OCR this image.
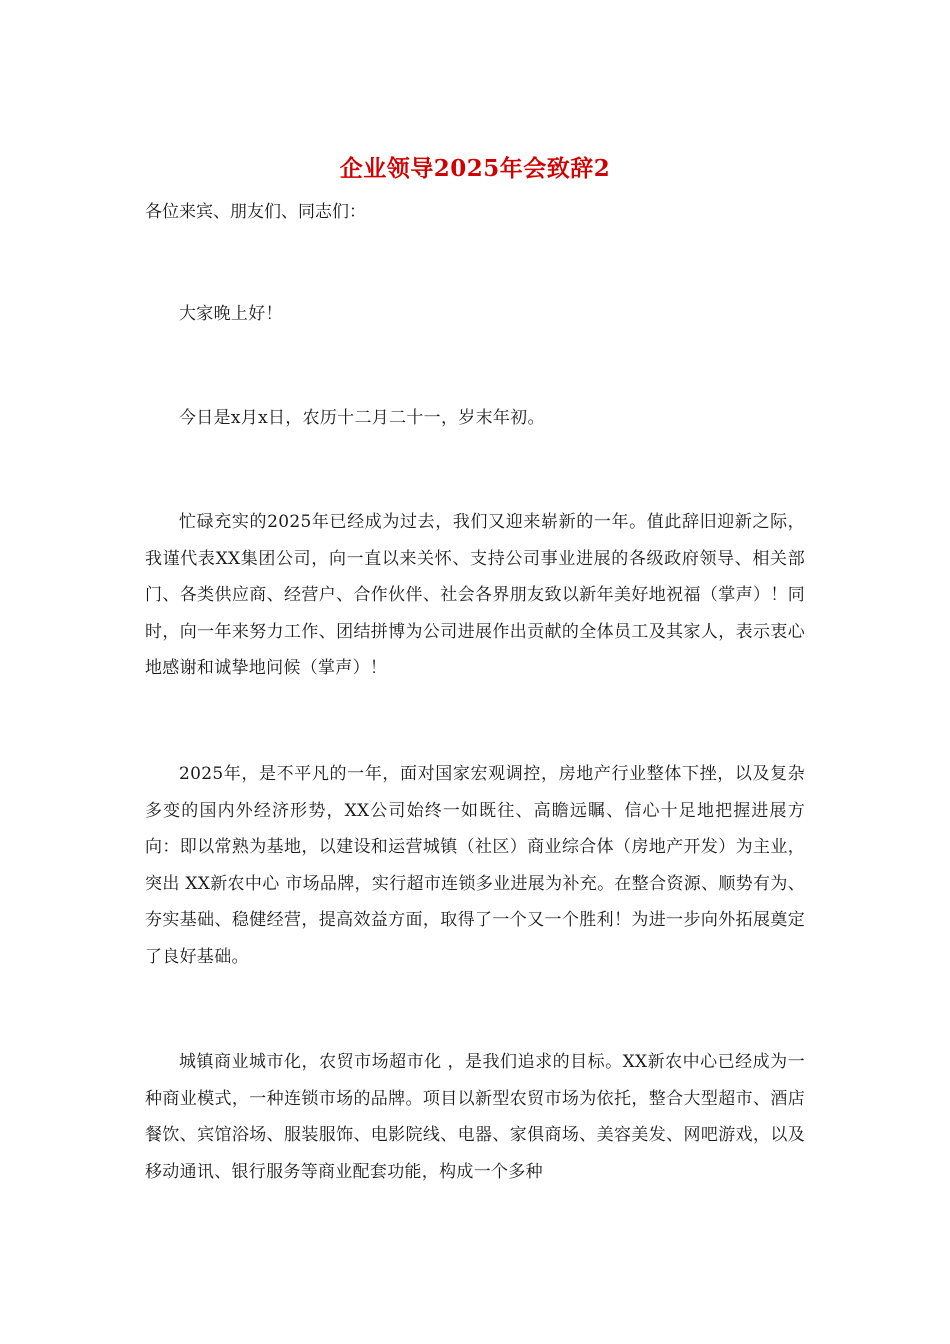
企业领导2025年会致辞2
各位来宾、朋友们、同志们：

大家晚上好！

今日是x月x日，农历十二月二十一，岁末年初。

忙碌充实的2025年已经成为过去，我们又迎来崭新的一年。值此辞旧迎新之际，我谨代表XX集团公司，向一直以来关怀、支持公司事业进展的各级政府领导、相关部门、各类供应商、经营户、合作伙伴、社会各界朋友致以新年美好地祝福（掌声）！同时，向一年来努力工作、团结拼博为公司进展作出贡献的全体员工及其家人，表示衷心地感谢和诚挚地问候（掌声）！

2025年，是不平凡的一年，面对国家宏观调控，房地产行业整体下挫，以及复杂多变的国内外经济形势，XX公司始终一如既往、高瞻远瞩、信心十足地把握进展方向：即以常熟为基地，以建设和运营城镇（社区）商业综合体（房地产开发）为主业，突出 XX新农中心 市场品牌，实行超市连锁多业进展为补充。在整合资源、顺势有为、夯实基础、稳健经营，提高效益方面，取得了一个又一个胜利！为进一步向外拓展奠定了良好基础。

城镇商业城市化，农贸市场超市化 ，是我们追求的目标。XX新农中心已经成为一种商业模式，一种连锁市场的品牌。项目以新型农贸市场为依托，整合大型超市、酒店餐饮、宾馆浴场、服装服饰、电影院线、电器、家俱商场、美容美发、网吧游戏，以及移动通讯、银行服务等商业配套功能，构成一个多种
